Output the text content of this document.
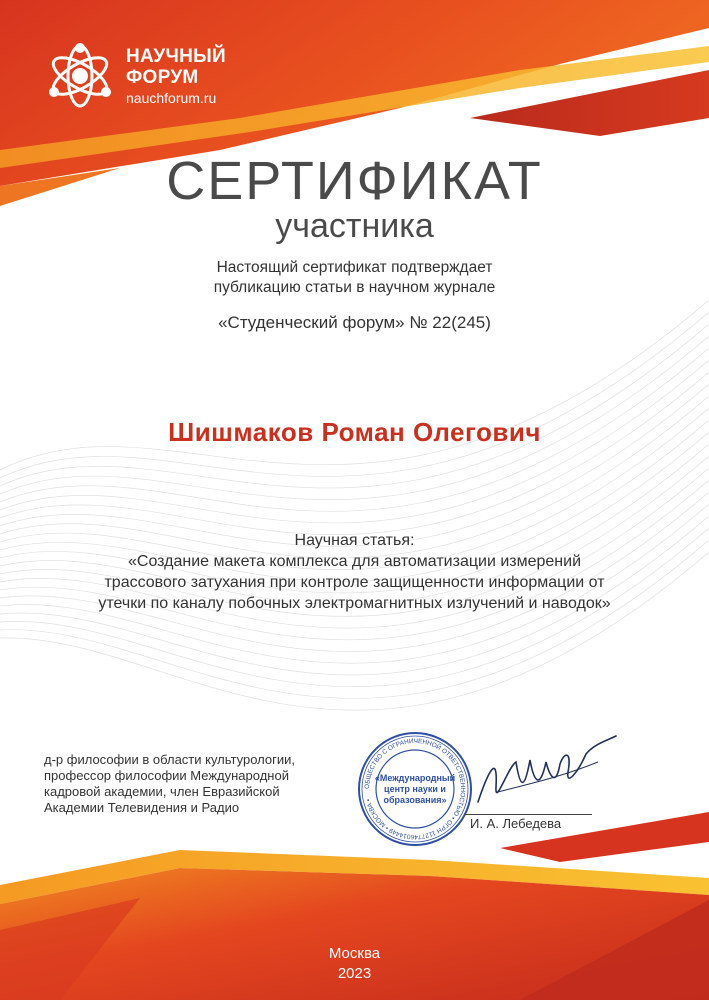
НАУЧНЫЙ
ФОРУМ
nauchforum.ru
СЕРТИФИКАТ
участника
Настоящий сертификат подтверждает
публикацию статьи в научном журнале
«Студенческий форум» № 22(245)
Шишмаков Роман Олегович
Научная статья:
«Создание макета комплекса для автоматизации измерений
трассового затухания при контроле защищенности информации от
утечки по каналу побочных электромагнитных излучений и наводок»
д-р философии в области культурологии,
профессор философии Международной
кадровой академии, член Евразийской
Академии Телевидения и Радио
ОБЩЕСТВО С ОГРАНИЧЕННОЙ ОТВЕТСТВЕННОСТЬЮ • ОГРН 1127746014449 • МОСКВА •
«Международный
центр науки и
образования»
И. А. Лебедева
Москва
2023
